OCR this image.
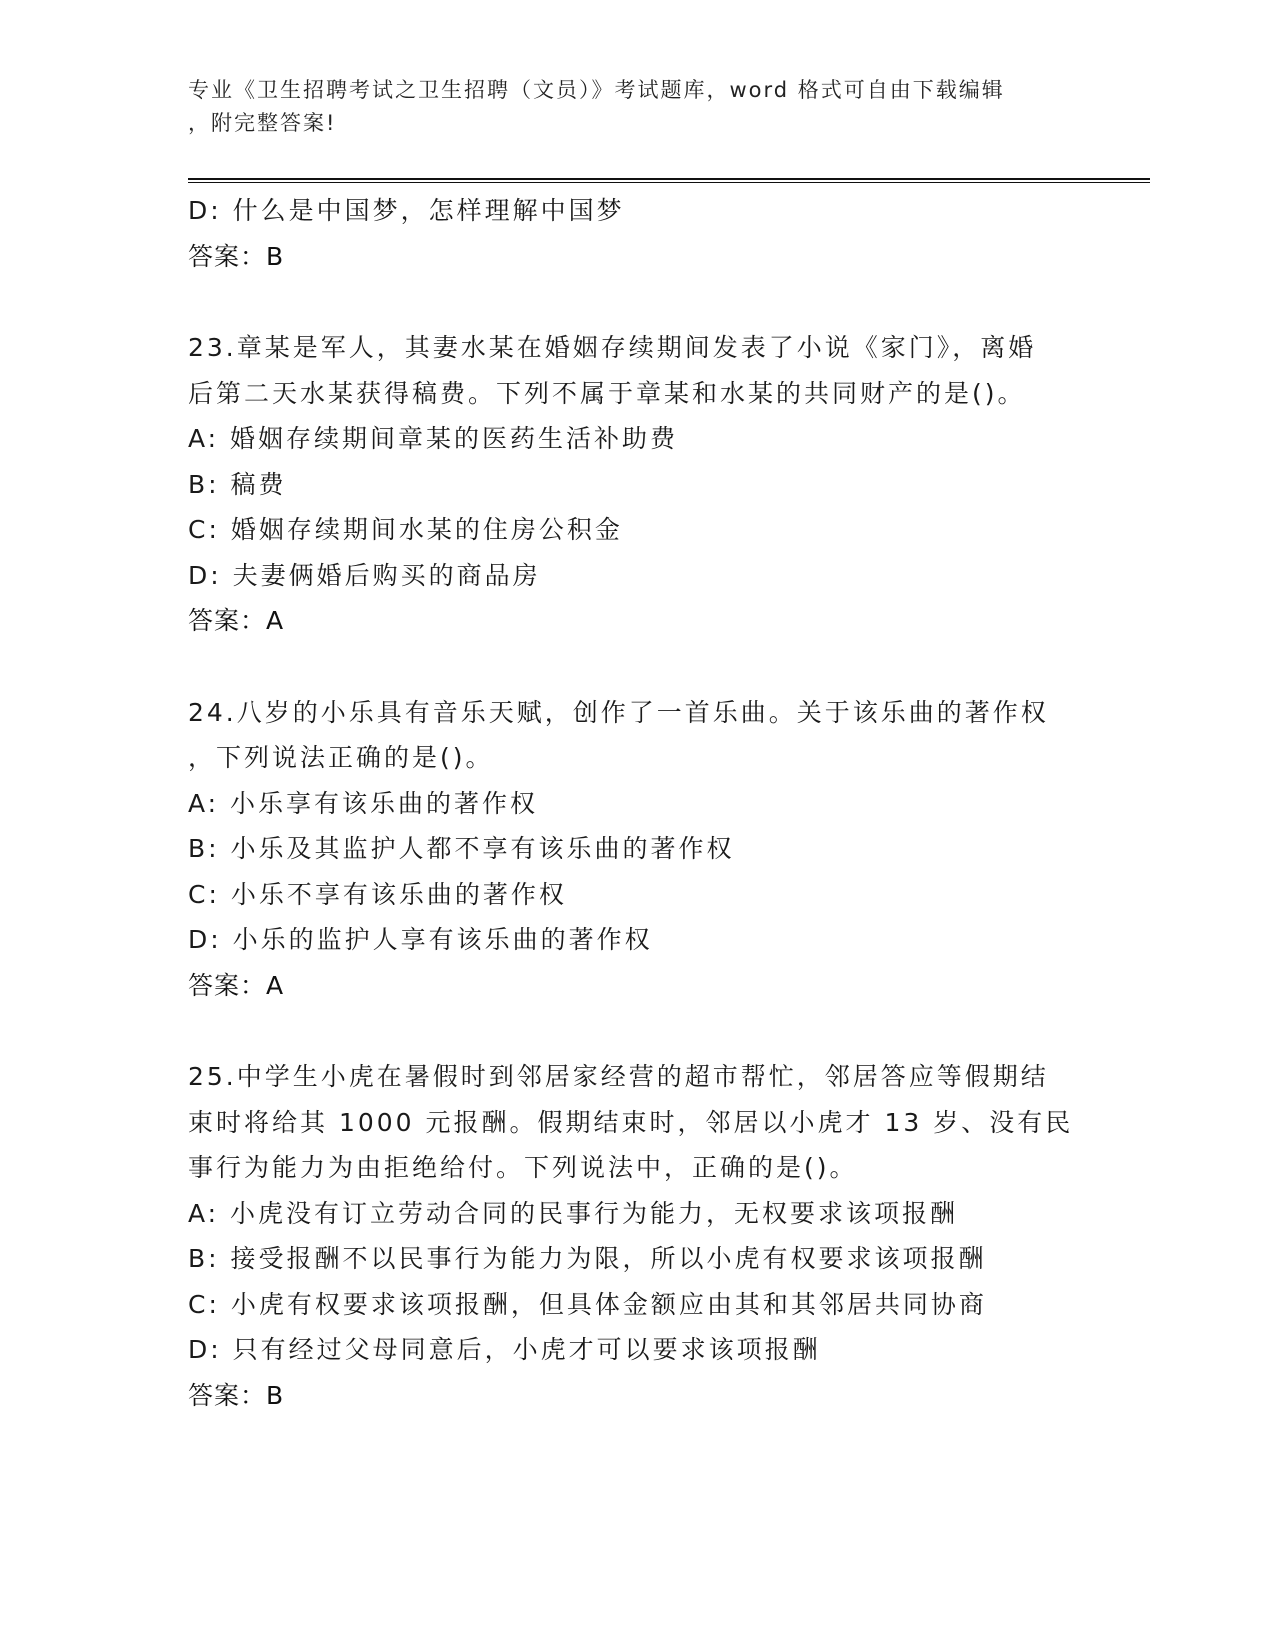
专业《卫生招聘考试之卫生招聘（文员）》考试题库，word 格式可自由下载编辑
，附完整答案!
D: 什么是中国梦，怎样理解中国梦
答案：B
23.章某是军人，其妻水某在婚姻存续期间发表了小说《家门》，离婚
后第二天水某获得稿费。下列不属于章某和水某的共同财产的是()。
A: 婚姻存续期间章某的医药生活补助费
B: 稿费
C: 婚姻存续期间水某的住房公积金
D: 夫妻俩婚后购买的商品房
答案：A
24.八岁的小乐具有音乐天赋，创作了一首乐曲。关于该乐曲的著作权
，下列说法正确的是()。
A: 小乐享有该乐曲的著作权
B: 小乐及其监护人都不享有该乐曲的著作权
C: 小乐不享有该乐曲的著作权
D: 小乐的监护人享有该乐曲的著作权
答案：A
25.中学生小虎在暑假时到邻居家经营的超市帮忙，邻居答应等假期结
束时将给其 1000 元报酬。假期结束时，邻居以小虎才 13 岁、没有民
事行为能力为由拒绝给付。下列说法中，正确的是()。
A: 小虎没有订立劳动合同的民事行为能力，无权要求该项报酬
B: 接受报酬不以民事行为能力为限，所以小虎有权要求该项报酬
C: 小虎有权要求该项报酬，但具体金额应由其和其邻居共同协商
D: 只有经过父母同意后，小虎才可以要求该项报酬
答案：B
